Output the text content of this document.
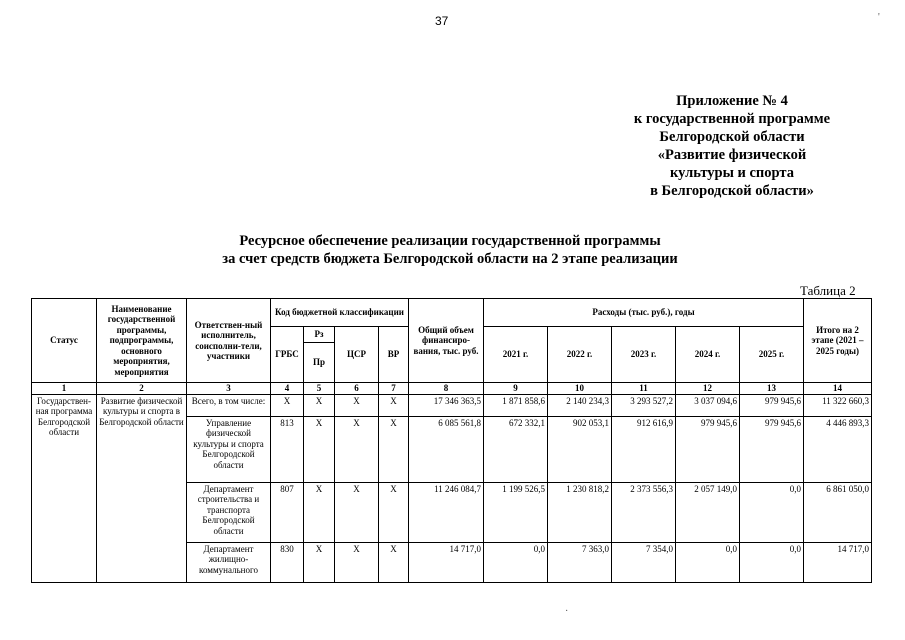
37	'
Приложение № 4
к государственной программе
Белгородской области
«Развитие физической
культуры и спорта
в Белгородской области»
Ресурсное обеспечение реализации государственной программы
за счет средств бюджета Белгородской области на 2 этапе реализации
Таблица 2
Статус	Наименование государственной программы, подпрограммы, основного мероприятия, мероприятия	Ответствен-ный исполнитель, соисполни-тели, участники	Код бюджетной классификации				Общий объем финансиро-вания, тыс. руб.	Расходы (тыс. руб.), годы					Итого на 2 этапе (2021 – 2025 годы)
			ГРБС	Рз	ЦСР	ВР		2021 г.	2022 г.	2023 г.	2024 г.	2025 г.	
				Пр									
1	2	3	4	5	6	7	8	9	10	11	12	13	14
Государствен-ная программа Белгородской области	Развитие физической культуры и спорта в Белгородской области	Всего, в том числе:	Х	Х	Х	Х	17 346 363,5	1 871 858,6	2 140 234,3	3 293 527,2	3 037 094,6	979 945,6	11 322 660,3
		Управление физической культуры и спорта Белгородской области	813	Х	Х	Х	6 085 561,8	672 332,1	902 053,1	912 616,9	979 945,6	979 945,6	4 446 893,3
		Департамент строительства и транспорта Белгородской области	807	Х	Х	Х	11 246 084,7	1 199 526,5	1 230 818,2	2 373 556,3	2 057 149,0	0,0	6 861 050,0
		Департамент жилищно-коммунального	830	Х	Х	Х	14 717,0	0,0	7 363,0	7 354,0	0,0	0,0	14 717,0
·
